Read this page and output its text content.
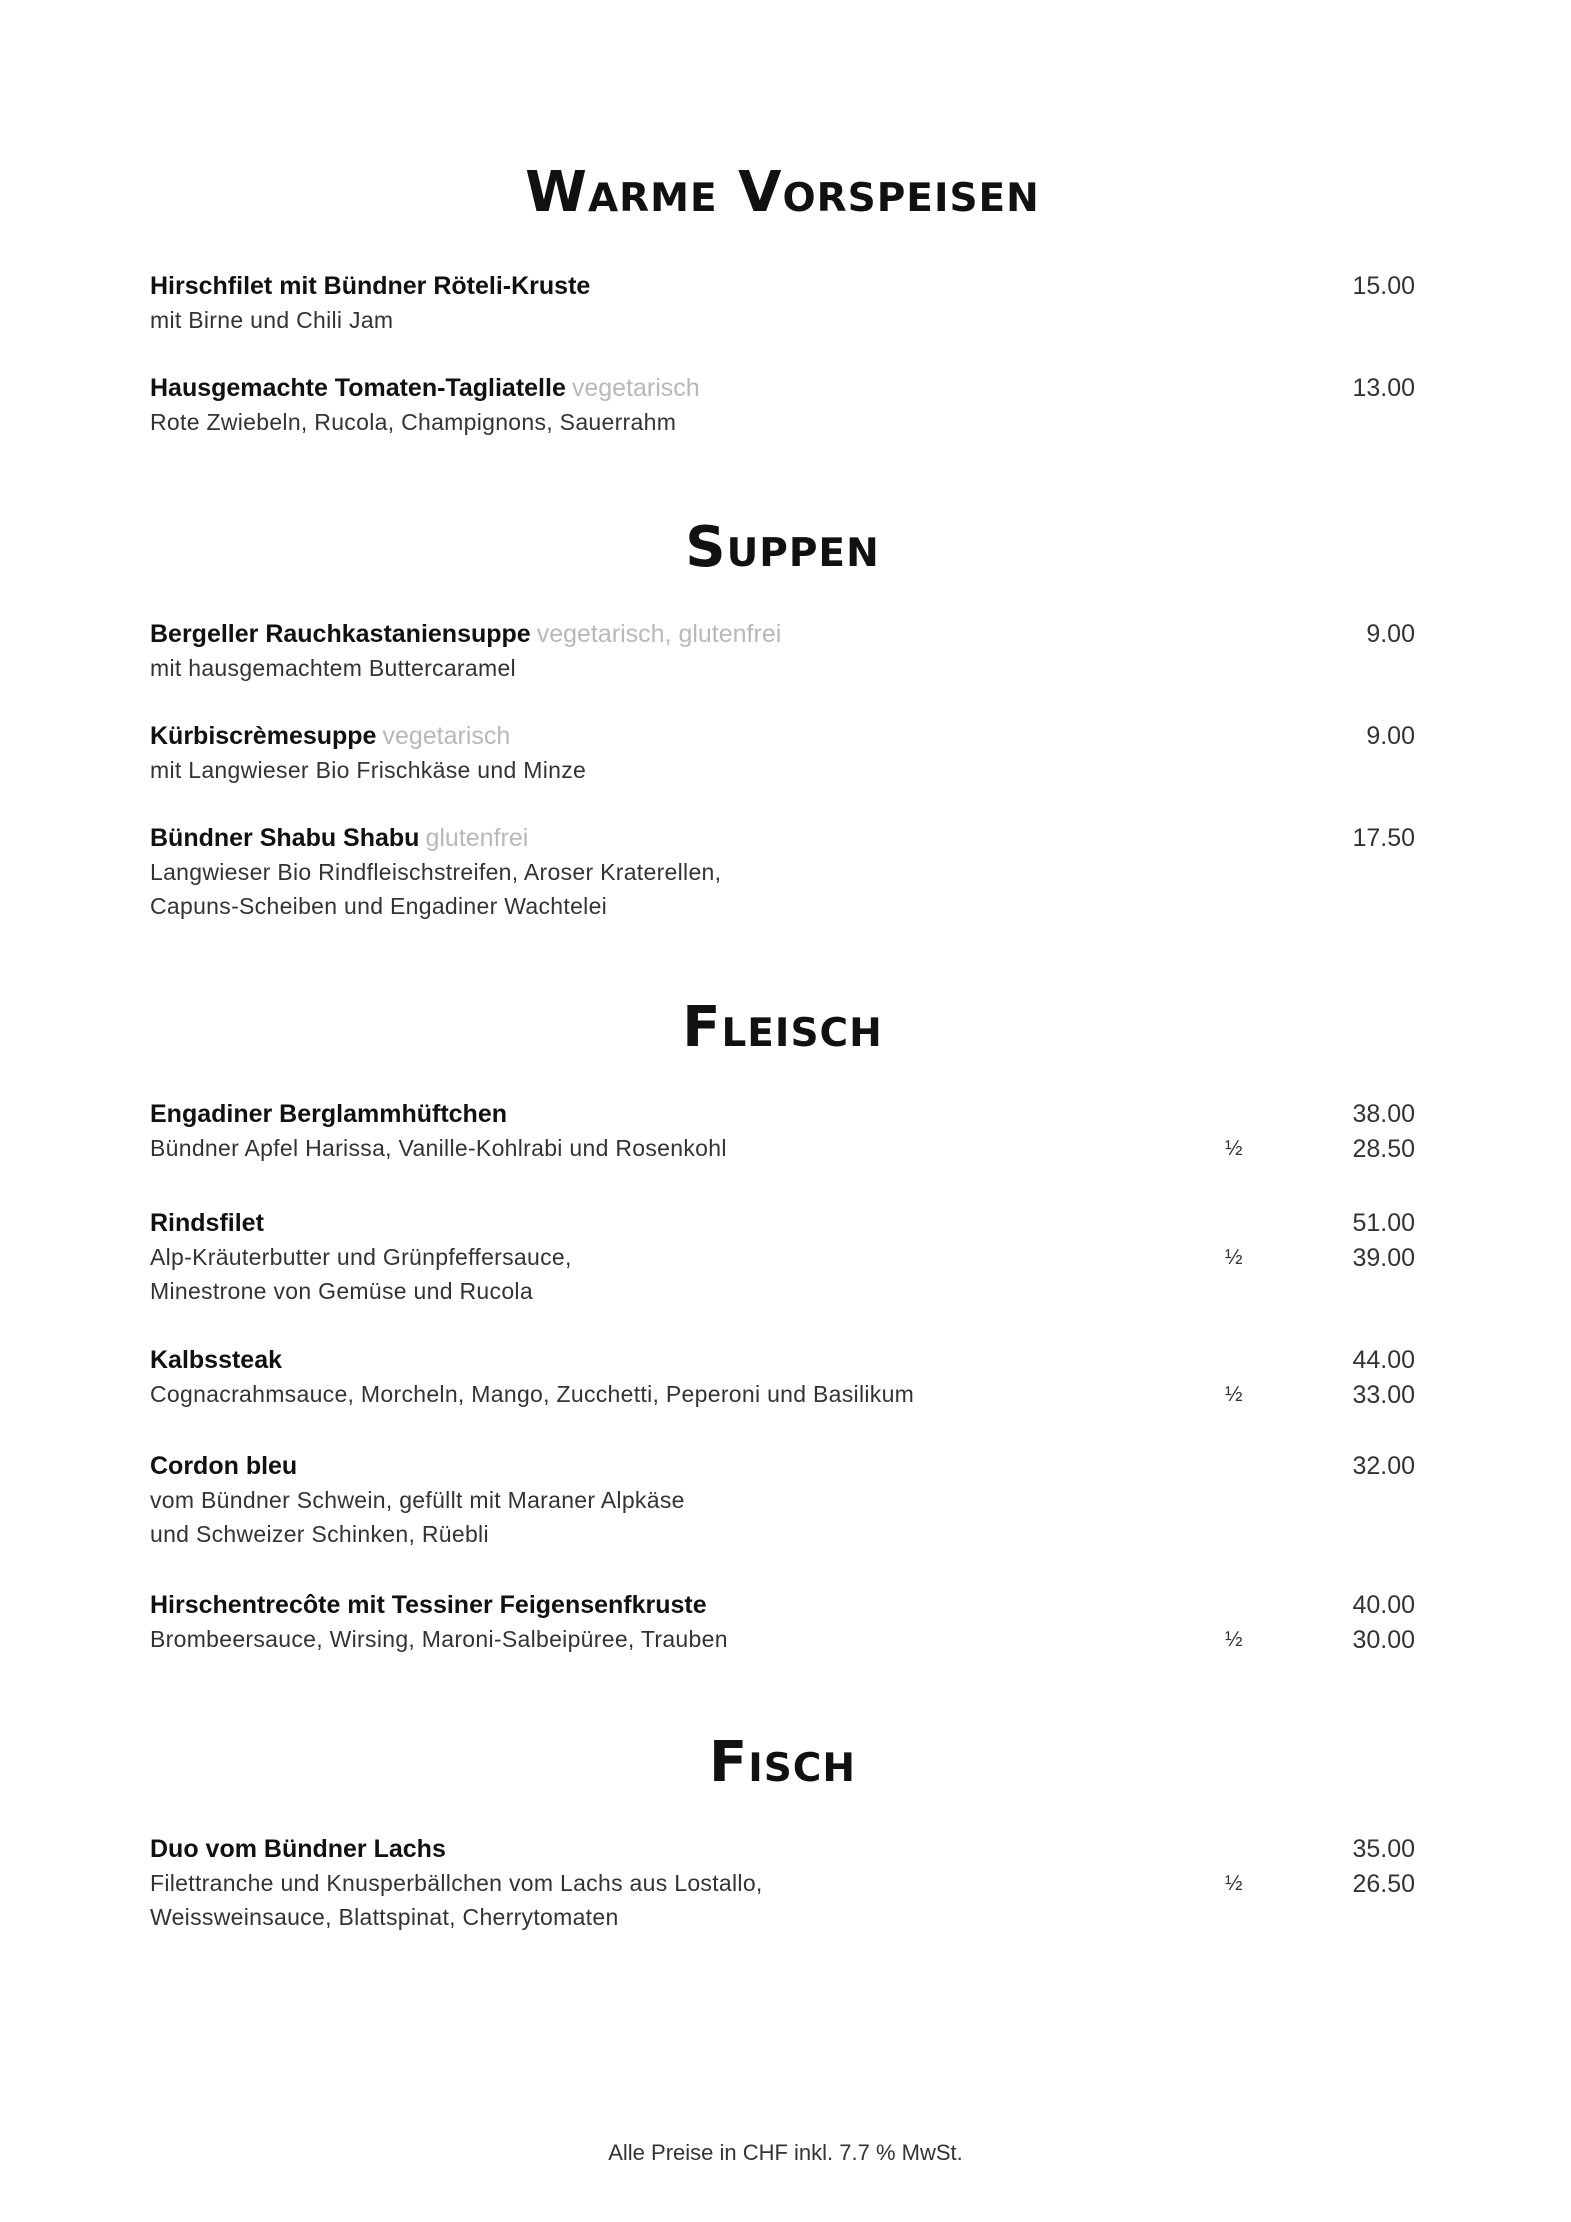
Warme Vorspeisen
Hirschfilet mit Bündner Röteli-Kruste	15.00
mit Birne und Chili Jam
Hausgemachte Tomaten-Tagliatelle vegetarisch	13.00
Rote Zwiebeln, Rucola, Champignons, Sauerrahm
Suppen
Bergeller Rauchkastaniensuppe vegetarisch, glutenfrei	9.00
mit hausgemachtem Buttercaramel
Kürbiscrèmesuppe vegetarisch	9.00
mit Langwieser Bio Frischkäse und Minze
Bündner Shabu Shabu glutenfrei	17.50
Langwieser Bio Rindfleischstreifen, Aroser Kraterellen,
Capuns-Scheiben und Engadiner Wachtelei
Fleisch
Engadiner Berglammhüftchen	38.00
Bündner Apfel Harissa, Vanille-Kohlrabi und Rosenkohl	½	28.50
Rindsfilet	51.00
Alp-Kräuterbutter und Grünpfeffersauce,	½	39.00
Minestrone von Gemüse und Rucola
Kalbssteak	44.00
Cognacrahmsauce, Morcheln, Mango, Zucchetti, Peperoni und Basilikum	½	33.00
Cordon bleu	32.00
vom Bündner Schwein, gefüllt mit Maraner Alpkäse
und Schweizer Schinken, Rüebli
Hirschentrecôte mit Tessiner Feigensenfkruste	40.00
Brombeersauce, Wirsing, Maroni-Salbeipüree, Trauben	½	30.00
Fisch
Duo vom Bündner Lachs	35.00
Filettranche und Knusperbällchen vom Lachs aus Lostallo,	½	26.50
Weissweinsauce, Blattspinat, Cherrytomaten
Alle Preise in CHF inkl. 7.7 % MwSt.
